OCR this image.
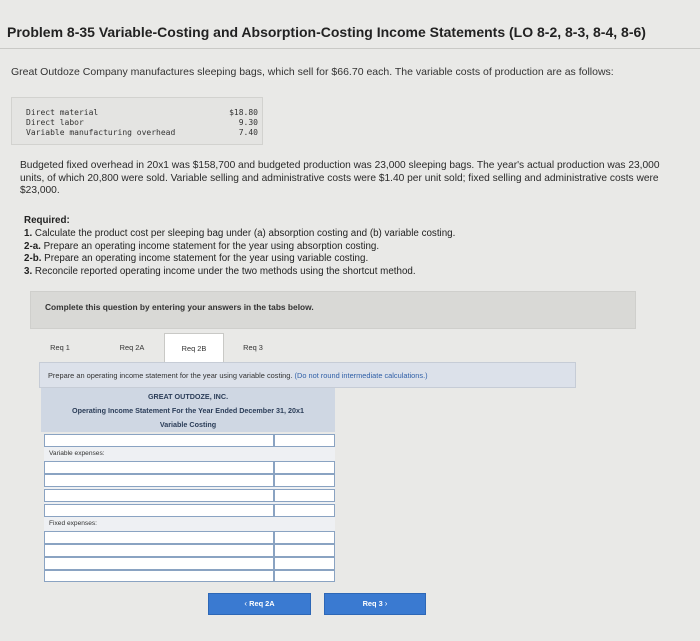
Problem 8-35 Variable-Costing and Absorption-Costing Income Statements (LO 8-2, 8-3, 8-4, 8-6)
Great Outdoze Company manufactures sleeping bags, which sell for $66.70 each. The variable costs of production are as follows:
Direct material	$18.80
Direct labor	9.30
Variable manufacturing overhead	7.40
Budgeted fixed overhead in 20x1 was $158,700 and budgeted production was 23,000 sleeping bags. The year's actual production was 23,000 units, of which 20,800 were sold. Variable selling and administrative costs were $1.40 per unit sold; fixed selling and administrative costs were $23,000.
Required:
1. Calculate the product cost per sleeping bag under (a) absorption costing and (b) variable costing.
2-a. Prepare an operating income statement for the year using absorption costing.
2-b. Prepare an operating income statement for the year using variable costing.
3. Reconcile reported operating income under the two methods using the shortcut method.
Complete this question by entering your answers in the tabs below.
Req 1	Req 2A	Req 2B	Req 3
Prepare an operating income statement for the year using variable costing. (Do not round intermediate calculations.)
GREAT OUTDOZE, INC.
Operating Income Statement For the Year Ended December 31, 20x1
Variable Costing
Variable expenses:
Fixed expenses:
‹ Req 2A	Req 3 ›
